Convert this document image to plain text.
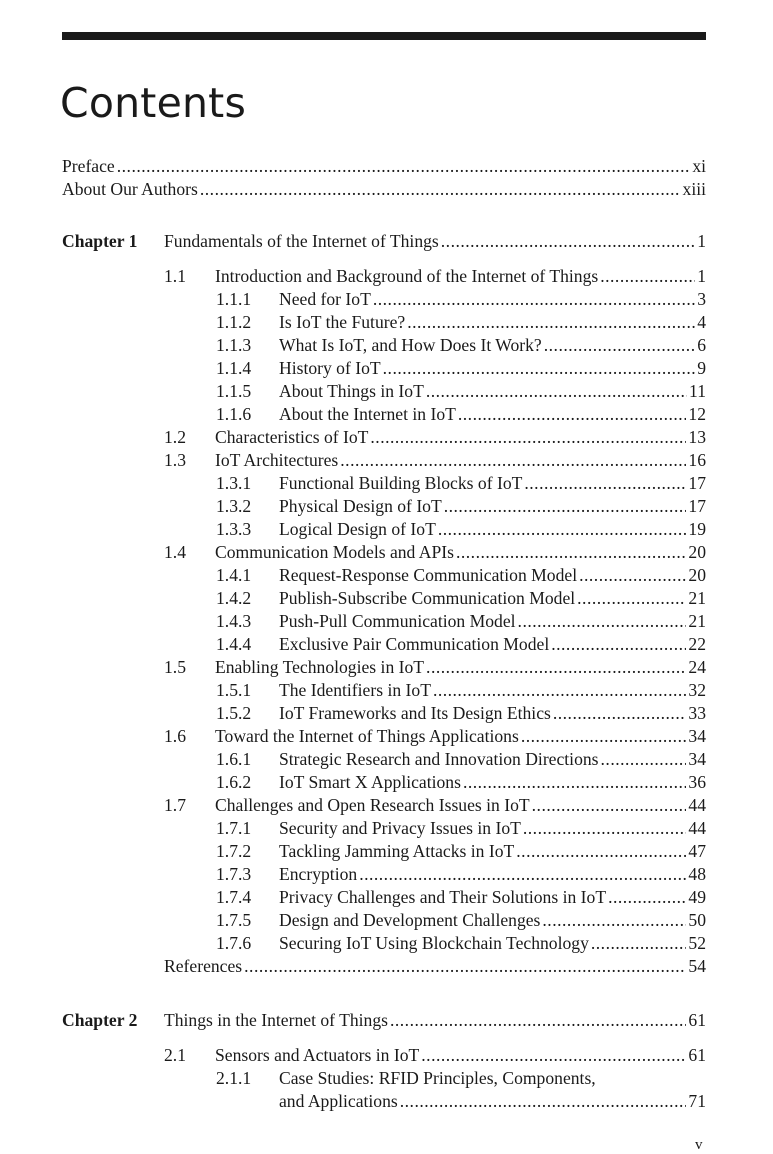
Contents
Preface .....	xi
About Our Authors .....	xiii
Chapter 1	Fundamentals of the Internet of Things .....	1
1.1	Introduction and Background of the Internet of Things .....	1
1.1.1	Need for IoT .....	3
1.1.2	Is IoT the Future? .....	4
1.1.3	What Is IoT, and How Does It Work? .....	6
1.1.4	History of IoT .....	9
1.1.5	About Things in IoT .....	11
1.1.6	About the Internet in IoT .....	12
1.2	Characteristics of IoT .....	13
1.3	IoT Architectures .....	16
1.3.1	Functional Building Blocks of IoT .....	17
1.3.2	Physical Design of IoT .....	17
1.3.3	Logical Design of IoT .....	19
1.4	Communication Models and APIs .....	20
1.4.1	Request-Response Communication Model .....	20
1.4.2	Publish-Subscribe Communication Model .....	21
1.4.3	Push-Pull Communication Model .....	21
1.4.4	Exclusive Pair Communication Model .....	22
1.5	Enabling Technologies in IoT .....	24
1.5.1	The Identifiers in IoT .....	32
1.5.2	IoT Frameworks and Its Design Ethics .....	33
1.6	Toward the Internet of Things Applications .....	34
1.6.1	Strategic Research and Innovation Directions .....	34
1.6.2	IoT Smart X Applications .....	36
1.7	Challenges and Open Research Issues in IoT .....	44
1.7.1	Security and Privacy Issues in IoT .....	44
1.7.2	Tackling Jamming Attacks in IoT .....	47
1.7.3	Encryption .....	48
1.7.4	Privacy Challenges and Their Solutions in IoT .....	49
1.7.5	Design and Development Challenges .....	50
1.7.6	Securing IoT Using Blockchain Technology .....	52
References .....	54
Chapter 2	Things in the Internet of Things .....	61
2.1	Sensors and Actuators in IoT .....	61
2.1.1	Case Studies: RFID Principles, Components,
and Applications .....	71
v
